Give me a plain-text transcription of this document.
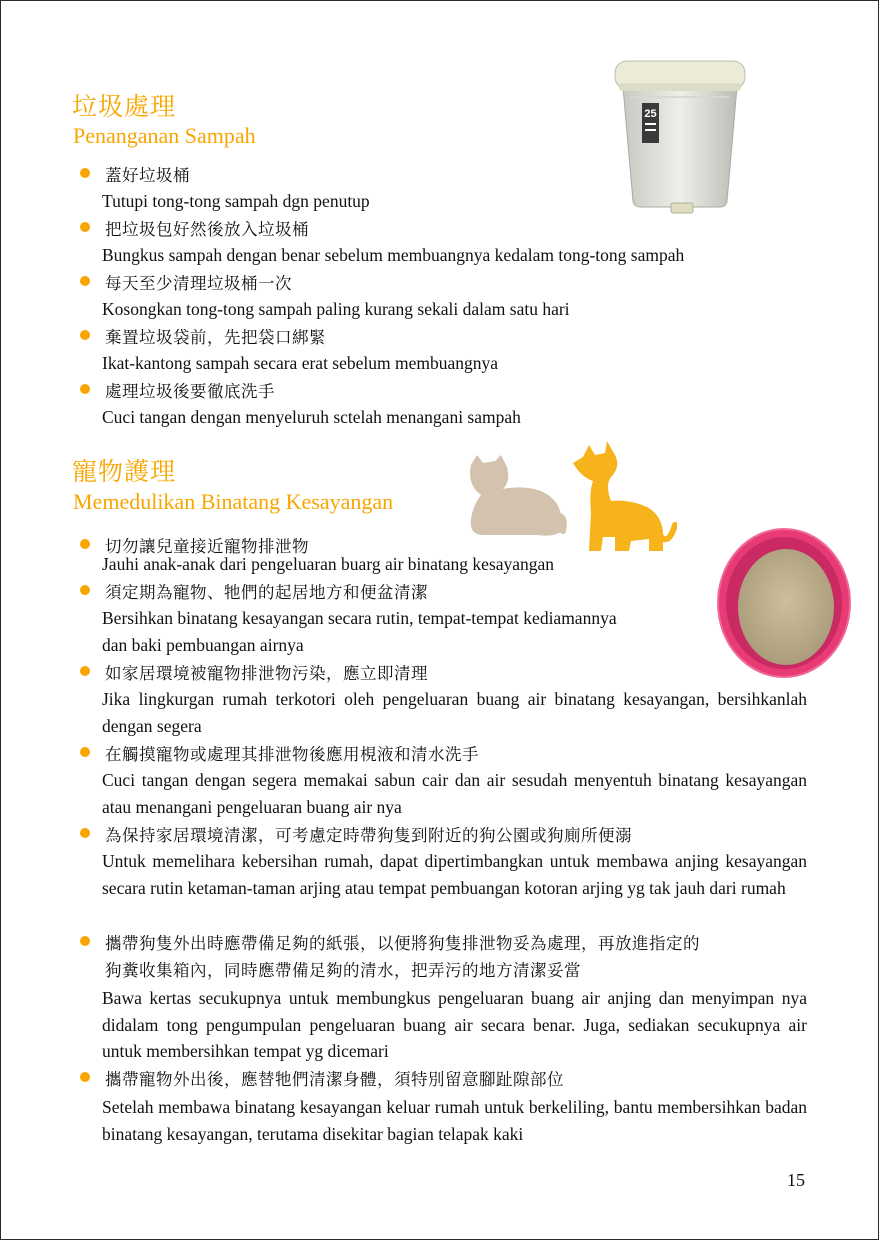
25
垃圾處理
Penanganan Sampah
蓋好垃圾桶
Tutupi tong-tong sampah dgn penutup
把垃圾包好然後放入垃圾桶
Bungkus sampah dengan benar sebelum membuangnya kedalam tong-tong sampah
每天至少清理垃圾桶一次
Kosongkan tong-tong sampah paling kurang sekali dalam satu hari
棄置垃圾袋前，先把袋口綁緊
Ikat-kantong sampah secara erat sebelum membuangnya
處理垃圾後要徹底洗手
Cuci tangan dengan menyeluruh sctelah menangani sampah
寵物護理
Memedulikan Binatang Kesayangan
切勿讓兒童接近寵物排泄物
Jauhi anak-anak dari pengeluaran buarg air binatang kesayangan
須定期為寵物、牠們的起居地方和便盆清潔
Bersihkan binatang kesayangan secara rutin, tempat-tempat kediamannya
dan baki pembuangan airnya
如家居環境被寵物排泄物污染，應立即清理
Jika lingkurgan rumah terkotori oleh pengeluaran buang air binatang kesayangan, bersihkanlah dengan segera
在觸摸寵物或處理其排泄物後應用梘液和清水洗手
Cuci tangan dengan segera memakai sabun cair dan air sesudah menyentuh binatang kesayangan atau menangani pengeluaran buang air nya
為保持家居環境清潔，可考慮定時帶狗隻到附近的狗公園或狗廁所便溺
Untuk memelihara kebersihan rumah, dapat dipertimbangkan untuk membawa anjing kesayangan secara rutin ketaman-taman arjing atau tempat pembuangan kotoran arjing yg tak jauh dari rumah
攜帶狗隻外出時應帶備足夠的紙張，以便將狗隻排泄物妥為處理，再放進指定的
狗糞收集箱內，同時應帶備足夠的清水，把弄污的地方清潔妥當
Bawa kertas secukupnya untuk membungkus pengeluaran buang air anjing dan menyimpan nya didalam tong pengumpulan pengeluaran buang air secara benar. Juga, sediakan secukupnya air untuk membersihkan tempat yg dicemari
攜帶寵物外出後，應替牠們清潔身體，須特別留意腳趾隙部位
Setelah membawa binatang kesayangan keluar rumah untuk berkeliling, bantu membersihkan badan binatang kesayangan, terutama disekitar bagian telapak kaki
15
